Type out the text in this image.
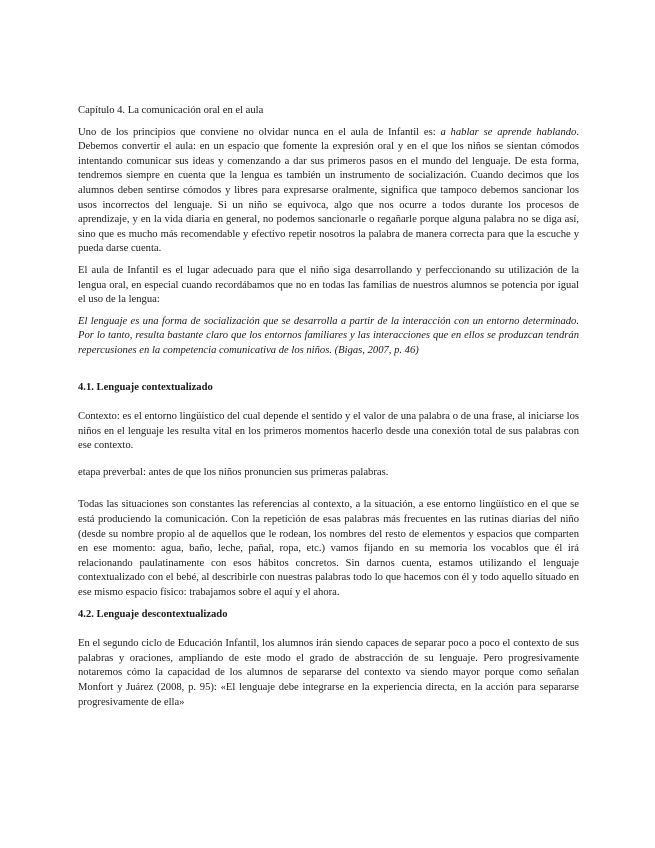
Capítulo 4. La comunicación oral en el aula

Uno de los principios que conviene no olvidar nunca en el aula de Infantil es: a hablar se aprende hablando. Debemos convertir el aula: en un espacio que fomente la expresión oral y en el que los niños se sientan cómodos intentando comunicar sus ideas y comenzando a dar sus primeros pasos en el mundo del lenguaje. De esta forma, tendremos siempre en cuenta que la lengua es también un instrumento de socialización. Cuando decimos que los alumnos deben sentirse cómodos y libres para expresarse oralmente, significa que tampoco debemos sancionar los usos incorrectos del lenguaje. Si un niño se equivoca, algo que nos ocurre a todos durante los procesos de aprendizaje, y en la vida diaria en general, no podemos sancionarle o regañarle porque alguna palabra no se diga así, sino que es mucho más recomendable y efectivo repetir nosotros la palabra de manera correcta para que la escuche y pueda darse cuenta.

El aula de Infantil es el lugar adecuado para que el niño siga desarrollando y perfeccionando su utilización de la lengua oral, en especial cuando recordábamos que no en todas las familias de nuestros alumnos se potencia por igual el uso de la lengua:

El lenguaje es una forma de socialización que se desarrolla a partir de la interacción con un entorno determinado. Por lo tanto, resulta bastante claro que los entornos familiares y las interacciones que en ellos se produzcan tendrán repercusiones en la competencia comunicativa de los niños. (Bigas, 2007, p. 46)

4.1. Lenguaje contextualizado

Contexto: es el entorno lingüístico del cual depende el sentido y el valor de una palabra o de una frase, al iniciarse los niños en el lenguaje les resulta vital en los primeros momentos hacerlo desde una conexión total de sus palabras con ese contexto.

etapa preverbal: antes de que los niños pronuncien sus primeras palabras.

Todas las situaciones son constantes las referencias al contexto, a la situación, a ese entorno lingüístico en el que se está produciendo la comunicación. Con la repetición de esas palabras más frecuentes en las rutinas diarias del niño (desde su nombre propio al de aquellos que le rodean, los nombres del resto de elementos y espacios que comparten en ese momento: agua, baño, leche, pañal, ropa, etc.) vamos fijando en su memoria los vocablos que él irá relacionando paulatinamente con esos hábitos concretos. Sin darnos cuenta, estamos utilizando el lenguaje contextualizado con el bebé, al describirle con nuestras palabras todo lo que hacemos con él y todo aquello situado en ese mismo espacio físico: trabajamos sobre el aquí y el ahora.

4.2. Lenguaje descontextualizado

En el segundo ciclo de Educación Infantil, los alumnos irán siendo capaces de separar poco a poco el contexto de sus palabras y oraciones, ampliando de este modo el grado de abstracción de su lenguaje. Pero progresivamente notaremos cómo la capacidad de los alumnos de separarse del contexto va siendo mayor porque como señalan Monfort y Juárez (2008, p. 95): «El lenguaje debe integrarse en la experiencia directa, en la acción para separarse progresivamente de ella»
